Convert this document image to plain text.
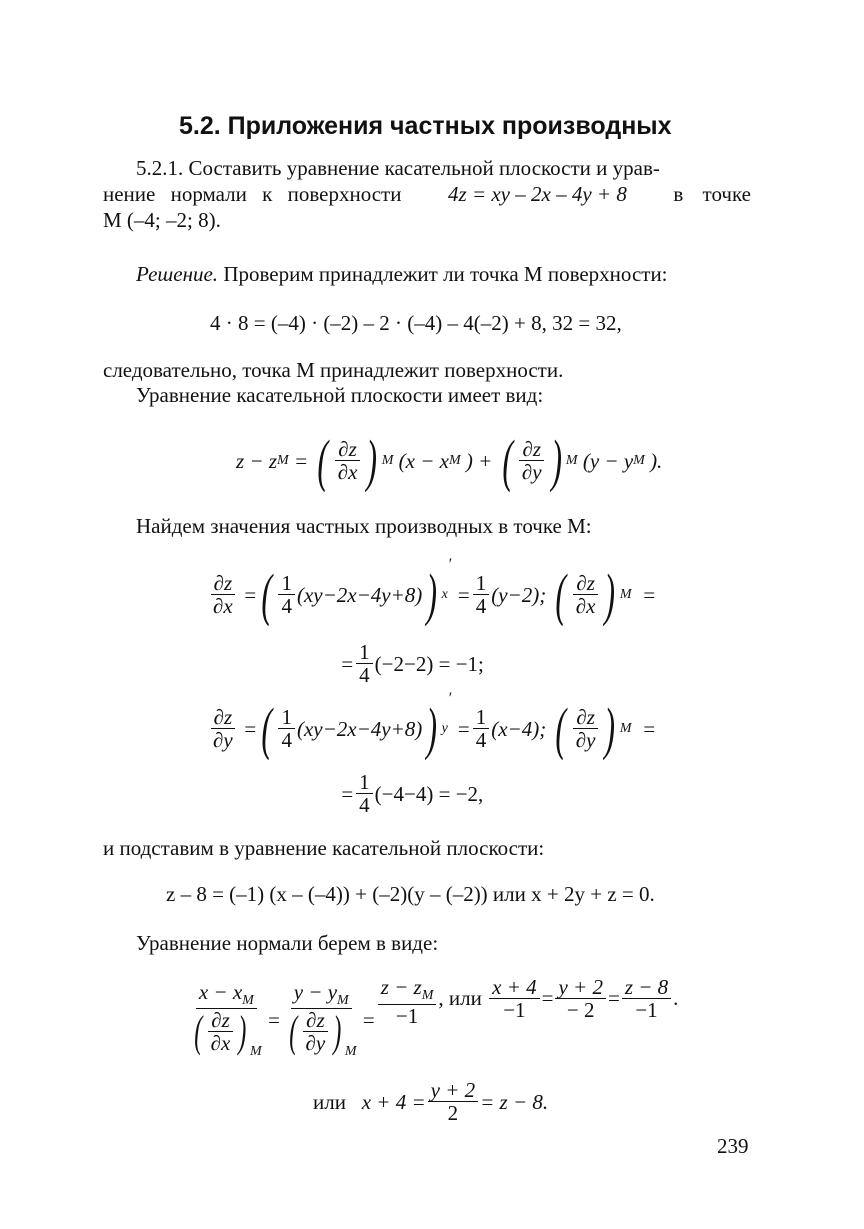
5.2. Приложения частных производных
5.2.1. Составить уравнение касательной плоскости и урав-
нение нормали к поверхности 4z = xy – 2x – 4y + 8 в точке
M (–4; –2; 8).
Решение. Проверим принадлежит ли точка M поверхности:
4 · 8 = (–4) · (–2) – 2 · (–4) – 4(–2) + 8, 32 = 32,
следовательно, точка M принадлежит поверхности.
Уравнение касательной плоскости имеет вид:
z − z M = ( $\frac{\partial z}{\partial x}$ ) M (x − x M ) + ( $\frac{\partial z}{\partial y}$ ) M (y − y M ).
Найдем значения частных производных в точке M:
$\frac{\partial z}{\partial x}$ = ( $\frac{1}{4} (xy-2x-4y+8)$ ) x
′
= $\frac{1}{4} (y-2)$; ( $\frac{\partial z}{\partial x}$ ) M =
= $\frac{1}{4} (-2-2) = -1$;
$\frac{\partial z}{\partial y}$ = ( $\frac{1}{4} (xy-2x-4y+8)$ ) y
′
= $\frac{1}{4} (x-4)$; ( $\frac{\partial z}{\partial y}$ ) M =
= $\frac{1}{4} (-4-4) = -2$,
и подставим в уравнение касательной плоскости:
z – 8 = (–1) (x – (–4)) + (–2)(y – (–2)) или x + 2y + z = 0.
Уравнение нормали берем в виде:
$\frac{x - x_M}{( \frac{\partial z}{\partial x} ) _M} = \frac{y - y_M}{( \frac{\partial z}{\partial y} ) _M} = \frac{z - z_M}{-1}$ , или $\frac{x + 4}{-1} = \frac{y + 2}{- 2} = \frac{z - 8}{-1}$ .
или $x + 4 = \frac{y + 2}{2} = z - 8$.
239
